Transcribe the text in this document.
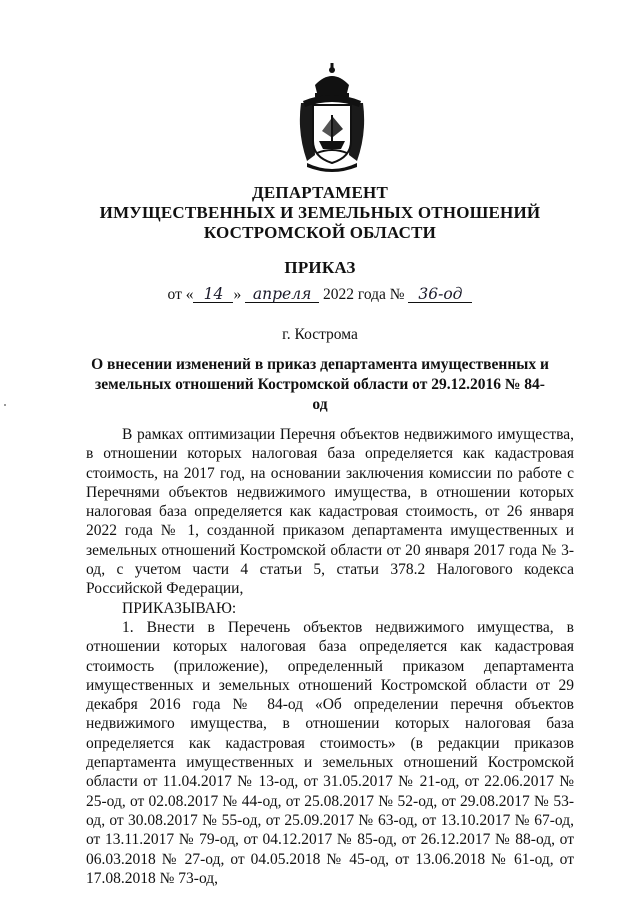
ДЕПАРТАМЕНТ
ИМУЩЕСТВЕННЫХ И ЗЕМЕЛЬНЫХ ОТНОШЕНИЙ
КОСТРОМСКОЙ ОБЛАСТИ
ПРИКАЗ
от « 14 » апреля 2022 года № 36-од
г. Кострома
О внесении изменений в приказ департамента имущественных и земельных отношений Костромской области от 29.12.2016 № 84-од

В рамках оптимизации Перечня объектов недвижимого имущества, в отношении которых налоговая база определяется как кадастровая стоимость, на 2017 год, на основании заключения комиссии по работе с Перечнями объектов недвижимого имущества, в отношении которых налоговая база определяется как кадастровая стоимость, от 26 января 2022 года № 1, созданной приказом департамента имущественных и земельных отношений Костромской области от 20 января 2017 года № 3-од, с учетом части 4 статьи 5, статьи 378.2 Налогового кодекса Российской Федерации,

ПРИКАЗЫВАЮ:

1. Внести в Перечень объектов недвижимого имущества, в отношении которых налоговая база определяется как кадастровая стоимость (приложение), определенный приказом департамента имущественных и земельных отношений Костромской области от 29 декабря 2016 года № 84-од «Об определении перечня объектов недвижимого имущества, в отношении которых налоговая база определяется как кадастровая стоимость» (в редакции приказов департамента имущественных и земельных отношений Костромской области от 11.04.2017 № 13-од, от 31.05.2017 № 21-од, от 22.06.2017 № 25-од, от 02.08.2017 № 44-од, от 25.08.2017 № 52-од, от 29.08.2017 № 53-од, от 30.08.2017 № 55-од, от 25.09.2017 № 63-од, от 13.10.2017 № 67-од, от 13.11.2017 № 79-од, от 04.12.2017 № 85-од, от 26.12.2017 № 88-од, от 06.03.2018 № 27-од, от 04.05.2018 № 45-од, от 13.06.2018 № 61-од, от 17.08.2018 № 73-од,
